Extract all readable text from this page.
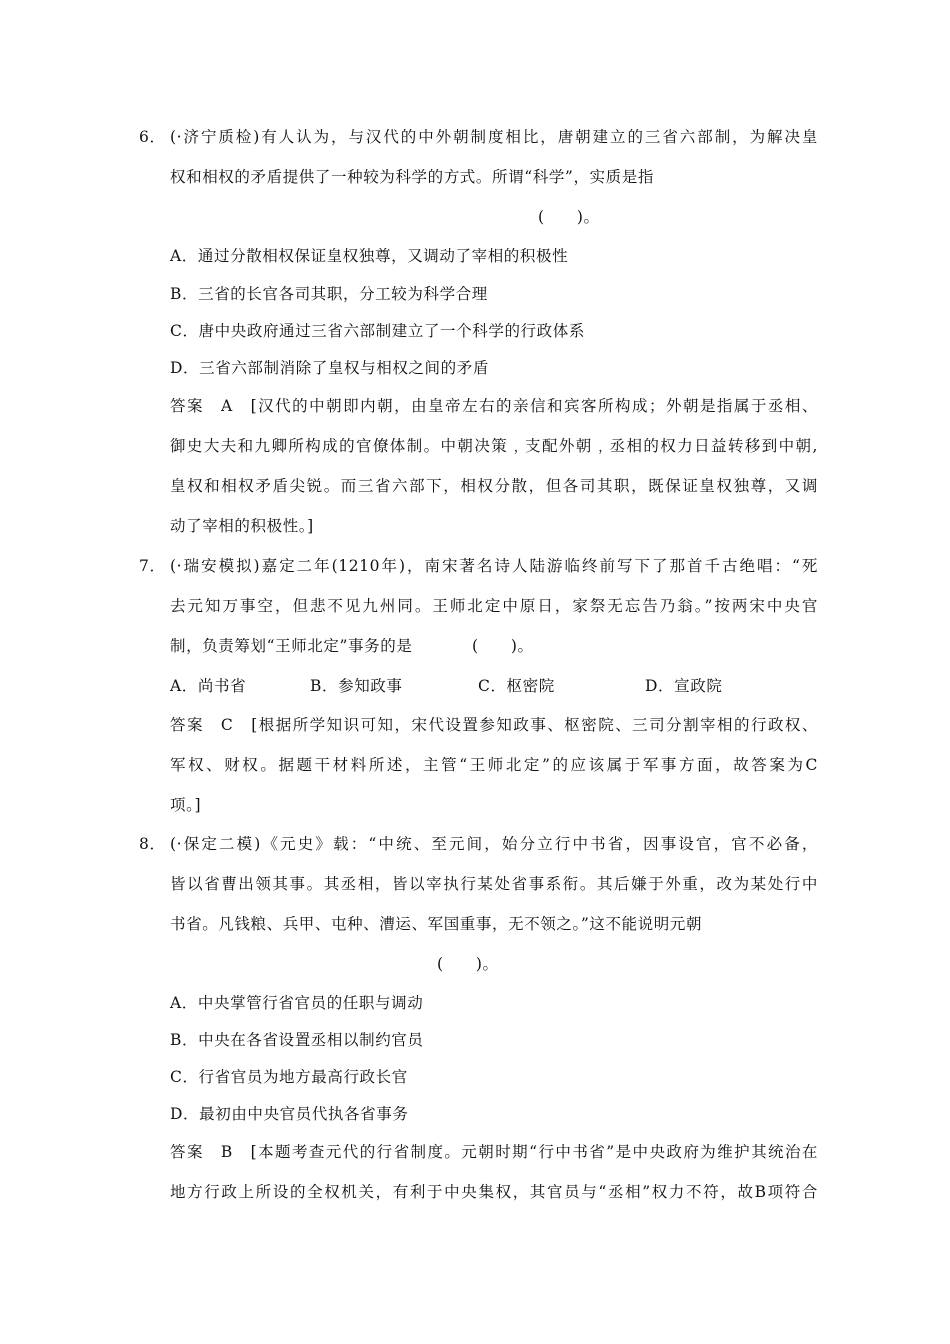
6． (·济宁质检)有人认为，与汉代的中外朝制度相比，唐朝建立的三省六部制，为解决皇
权和相权的矛盾提供了一种较为科学的方式。所谓“科学”，实质是指
(　　)。
A．通过分散相权保证皇权独尊，又调动了宰相的积极性
B．三省的长官各司其职，分工较为科学合理
C．唐中央政府通过三省六部制建立了一个科学的行政体系
D．三省六部制消除了皇权与相权之间的矛盾
答案　A　[汉代的中朝即内朝，由皇帝左右的亲信和宾客所构成；外朝是指属于丞相、
御史大夫和九卿所构成的官僚体制。中朝决策﹐支配外朝﹐丞相的权力日益转移到中朝,
皇权和相权矛盾尖锐。而三省六部下，相权分散，但各司其职，既保证皇权独尊，又调
动了宰相的积极性。]
7． (·瑞安模拟)嘉定二年(1210年)，南宋著名诗人陆游临终前写下了那首千古绝唱：“死
去元知万事空，但悲不见九州同。王师北定中原日，家祭无忘告乃翁。”按两宋中央官
制，负责筹划“王师北定”事务的是	(　　)。
A．尚书省	B．参知政事	C．枢密院	D．宣政院
答案　C　[根据所学知识可知，宋代设置参知政事、枢密院、三司分割宰相的行政权、
军权、财权。据题干材料所述，主管“王师北定”的应该属于军事方面，故答案为C
项。]
8． (·保定二模)《元史》载：“中统、至元间，始分立行中书省，因事设官，官不必备，
皆以省曹出领其事。其丞相，皆以宰执行某处省事系衔。其后嫌于外重，改为某处行中
书省。凡钱粮、兵甲、屯种、漕运、军国重事，无不领之。”这不能说明元朝
(　　)。
A．中央掌管行省官员的任职与调动
B．中央在各省设置丞相以制约官员
C．行省官员为地方最高行政长官
D．最初由中央官员代执各省事务
答案　B　[本题考查元代的行省制度。元朝时期“行中书省”是中央政府为维护其统治在
地方行政上所设的全权机关，有利于中央集权，其官员与“丞相”权力不符，故B项符合
